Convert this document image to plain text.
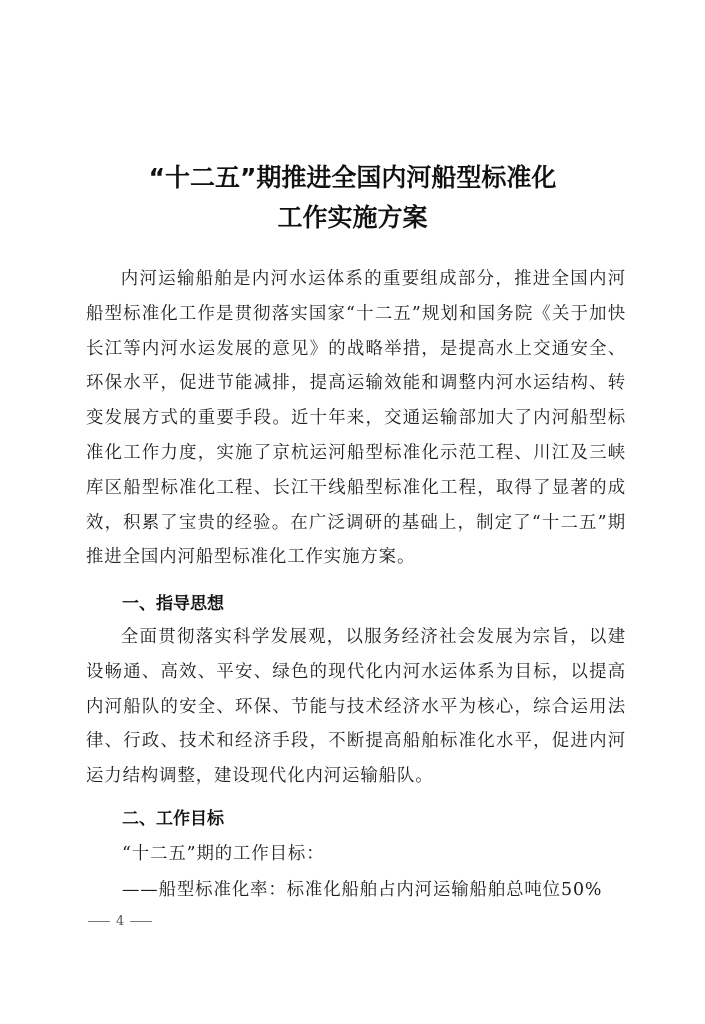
“十二五”期推进全国内河船型标准化
工作实施方案

内河运输船舶是内河水运体系的重要组成部分，推进全国内河船型标准化工作是贯彻落实国家“十二五”规划和国务院《关于加快长江等内河水运发展的意见》的战略举措，是提高水上交通安全、环保水平，促进节能减排，提高运输效能和调整内河水运结构、转变发展方式的重要手段。近十年来，交通运输部加大了内河船型标准化工作力度，实施了京杭运河船型标准化示范工程、川江及三峡库区船型标准化工程、长江干线船型标准化工程，取得了显著的成效，积累了宝贵的经验。在广泛调研的基础上，制定了“十二五”期推进全国内河船型标准化工作实施方案。

一、指导思想

全面贯彻落实科学发展观，以服务经济社会发展为宗旨，以建设畅通、高效、平安、绿色的现代化内河水运体系为目标，以提高内河船队的安全、环保、节能与技术经济水平为核心，综合运用法律、行政、技术和经济手段，不断提高船舶标准化水平，促进内河运力结构调整，建设现代化内河运输船队。

二、工作目标
“十二五”期的工作目标：
——船型标准化率：标准化船舶占内河运输船舶总吨位50%
4
